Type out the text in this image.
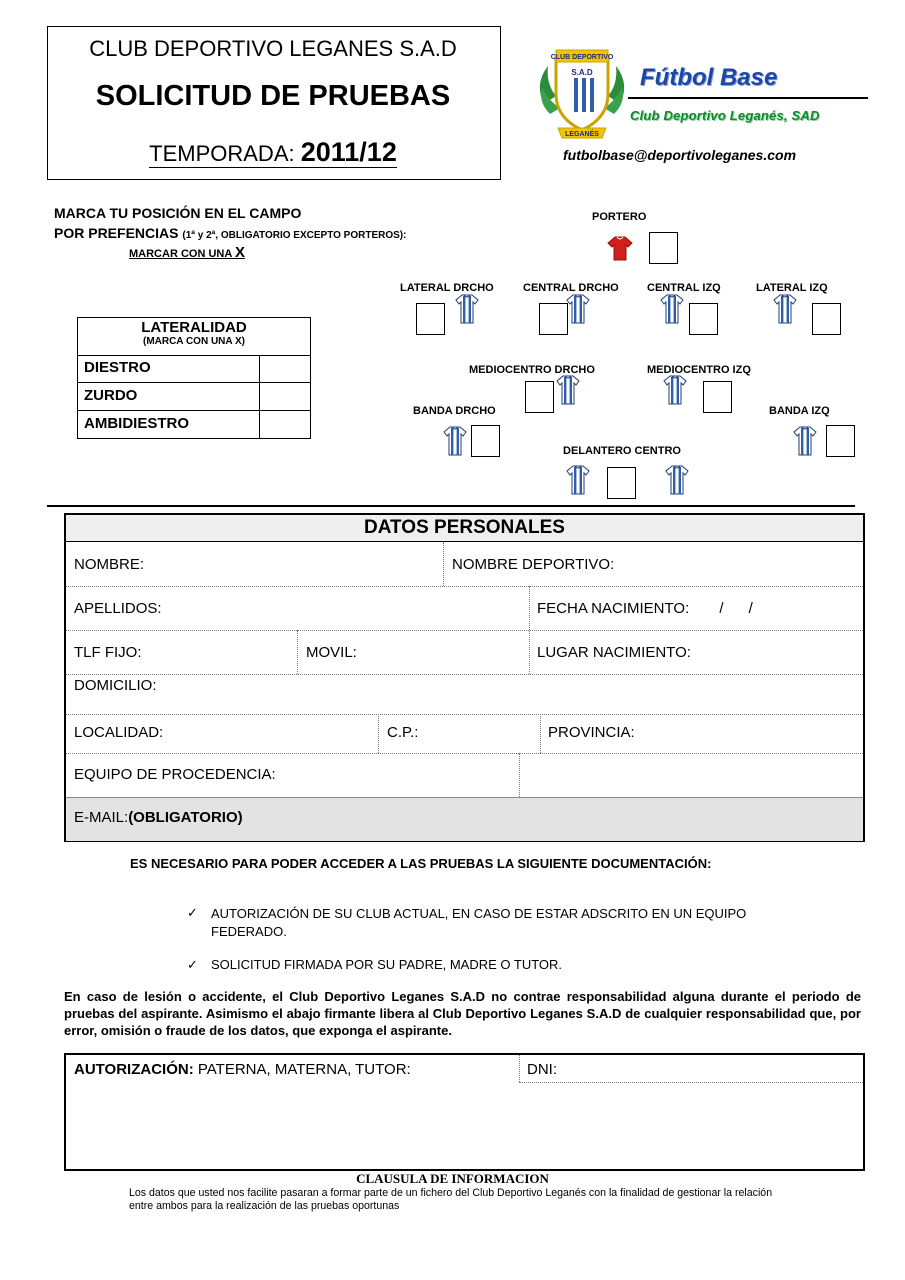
CLUB DEPORTIVO LEGANES S.A.D
SOLICITUD DE PRUEBAS
TEMPORADA: 2011/12
CLUB DEPORTIVO
S.A.D
LEGANÉS
Fútbol Base
Club Deportivo Leganés, SAD
futbolbase@deportivoleganes.com
MARCA TU POSICIÓN EN EL CAMPO
POR PREFENCIAS (1ª y 2ª, OBLIGATORIO EXCEPTO PORTEROS):
MARCAR CON UNA X
PORTERO
LATERAL DRCHO	CENTRAL DRCHO	CENTRAL IZQ	LATERAL IZQ
MEDIOCENTRO DRCHO	MEDIOCENTRO IZQ
BANDA DRCHO	BANDA IZQ
DELANTERO CENTRO
LATERALIDAD
(MARCA CON UNA X)
DIESTRO
ZURDO
AMBIDIESTRO
DATOS PERSONALES
NOMBRE:	NOMBRE DEPORTIVO:
APELLIDOS:	FECHA NACIMIENTO: /      /
TLF FIJO:	MOVIL:	LUGAR NACIMIENTO:
DOMICILIO:
LOCALIDAD:	C.P.:	PROVINCIA:
EQUIPO DE PROCEDENCIA:
E-MAIL:(OBLIGATORIO)
ES NECESARIO PARA PODER ACCEDER A LAS PRUEBAS LA SIGUIENTE DOCUMENTACIÓN:
✓ AUTORIZACIÓN DE SU CLUB ACTUAL, EN CASO DE ESTAR ADSCRITO EN UN EQUIPO FEDERADO.
✓ SOLICITUD FIRMADA POR SU PADRE, MADRE O TUTOR.
En caso de lesión o accidente, el Club Deportivo Leganes S.A.D no contrae responsabilidad alguna durante el periodo de pruebas del aspirante. Asimismo el abajo firmante libera al Club Deportivo Leganes S.A.D de cualquier responsabilidad que, por error, omisión o fraude de los datos, que exponga el aspirante.
AUTORIZACIÓN: PATERNA, MATERNA, TUTOR:	DNI:
CLAUSULA DE INFORMACION
Los datos que usted nos facilite pasaran a formar parte de un fichero del Club Deportivo Leganés con la finalidad de gestionar la relación entre ambos para la realización de las pruebas oportunas
